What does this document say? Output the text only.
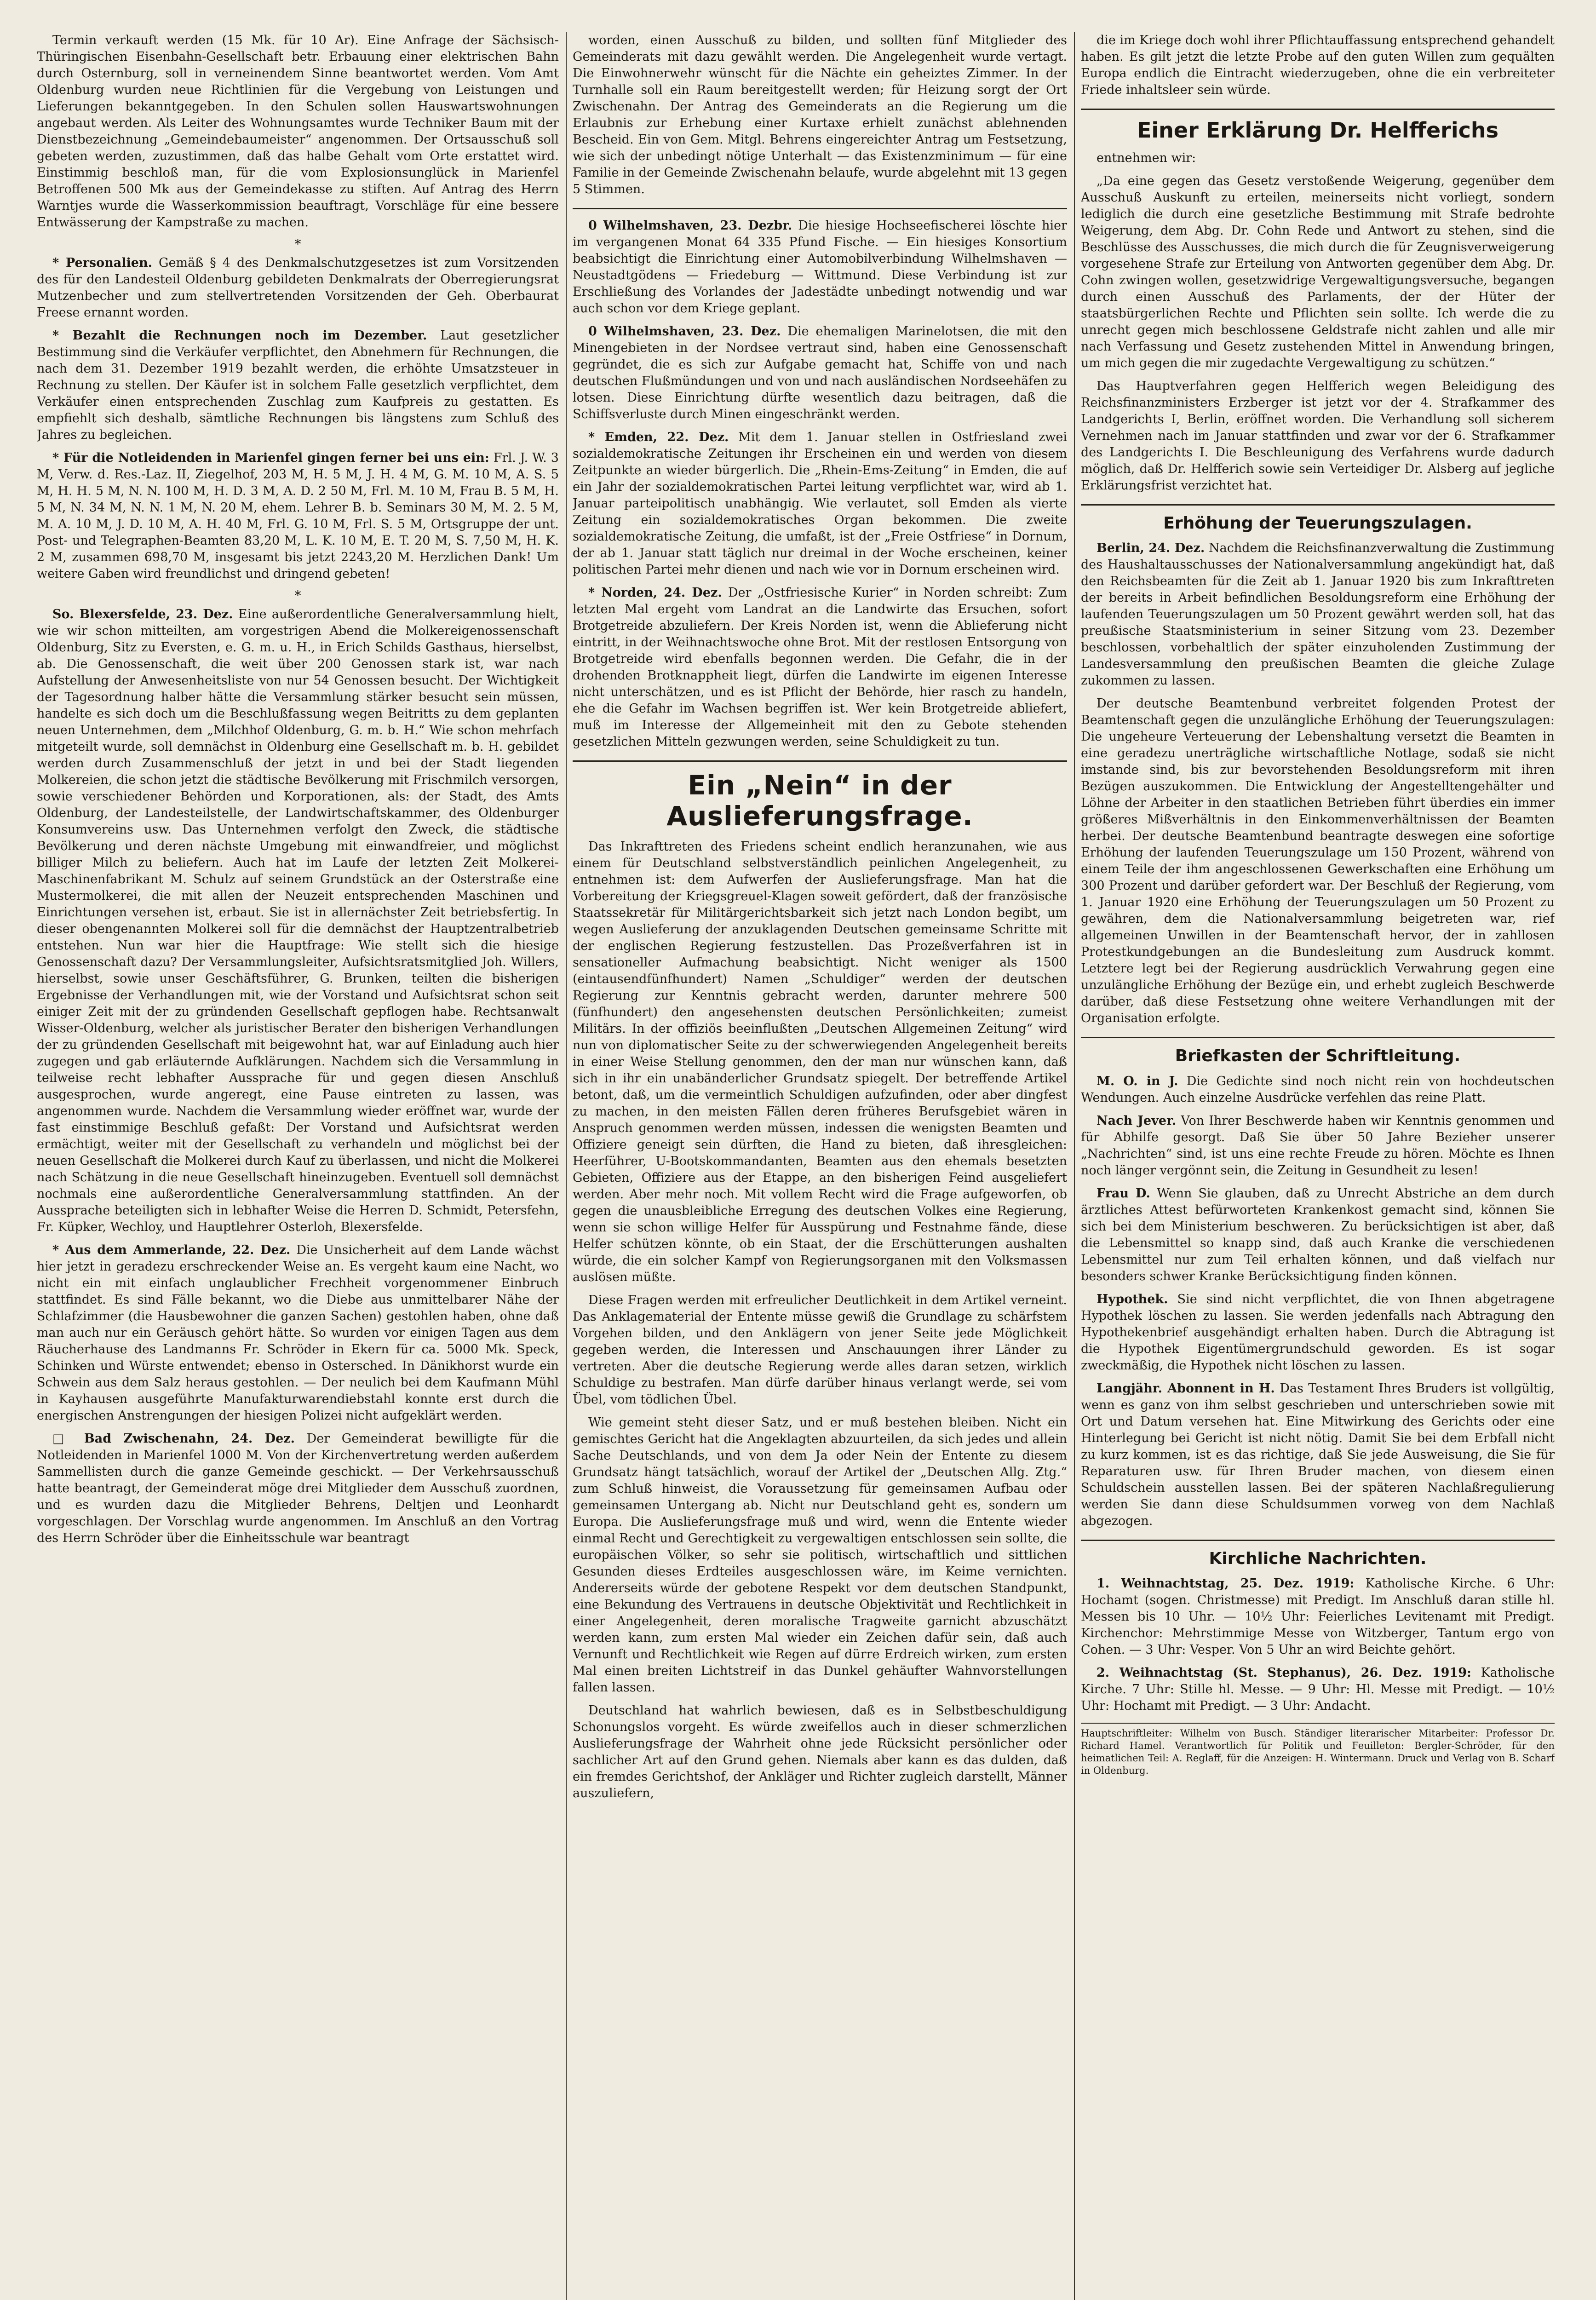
Termin verkauft werden (15 Mk. für 10 Ar). Eine Anfrage der Sächsisch-Thüringischen Eisenbahn-Gesellschaft betr. Erbauung einer elektrischen Bahn durch Osternburg, soll in verneinendem Sinne beantwortet werden. Vom Amt Oldenburg wurden neue Richtlinien für die Vergebung von Leistungen und Lieferungen bekanntgegeben. In den Schulen sollen Hauswartswohnungen angebaut werden. Als Leiter des Wohnungsamtes wurde Techniker Baum mit der Dienstbezeichnung „Gemeindebaumeister“ angenommen. Der Ortsausschuß soll gebeten werden, zuzustimmen, daß das halbe Gehalt vom Orte erstattet wird. Einstimmig beschloß man, für die vom Explosionsunglück in Marienfel Betroffenen 500 Mk aus der Gemeindekasse zu stiften. Auf Antrag des Herrn Warntjes wurde die Wasserkommission beauftragt, Vorschläge für eine bessere Entwässerung der Kampstraße zu machen.

*

* Personalien. Gemäß § 4 des Denkmalschutzgesetzes ist zum Vorsitzenden des für den Landesteil Oldenburg gebildeten Denkmalrats der Oberregierungsrat Mutzenbecher und zum stellvertretenden Vorsitzenden der Geh. Oberbaurat Freese ernannt worden.

* Bezahlt die Rechnungen noch im Dezember. Laut gesetzlicher Bestimmung sind die Verkäufer verpflichtet, den Abnehmern für Rechnungen, die nach dem 31. Dezember 1919 bezahlt werden, die erhöhte Umsatzsteuer in Rechnung zu stellen. Der Käufer ist in solchem Falle gesetzlich verpflichtet, dem Verkäufer einen entsprechenden Zuschlag zum Kaufpreis zu gestatten. Es empfiehlt sich deshalb, sämtliche Rechnungen bis längstens zum Schluß des Jahres zu begleichen.

* Für die Notleidenden in Marienfel gingen ferner bei uns ein: Frl. J. W. 3 M, Verw. d. Res.-Laz. II, Ziegelhof, 203 M, H. 5 M, J. H. 4 M, G. M. 10 M, A. S. 5 M, H. H. 5 M, N. N. 100 M, H. D. 3 M, A. D. 2 50 M, Frl. M. 10 M, Frau B. 5 M, H. 5 M, N. 34 M, N. N. 1 M, N. 20 M, ehem. Lehrer B. b. Seminars 30 M, M. 2. 5 M, M. A. 10 M, J. D. 10 M, A. H. 40 M, Frl. G. 10 M, Frl. S. 5 M, Ortsgruppe der unt. Post- und Telegraphen-Beamten 83,20 M, L. K. 10 M, E. T. 20 M, S. 7,50 M, H. K. 2 M, zusammen 698,70 M, insgesamt bis jetzt 2243,20 M. Herzlichen Dank! Um weitere Gaben wird freundlichst und dringend gebeten!

*

So. Blexersfelde, 23. Dez. Eine außerordentliche Generalversammlung hielt, wie wir schon mitteilten, am vorgestrigen Abend die Molkereigenossenschaft Oldenburg, Sitz zu Eversten, e. G. m. u. H., in Erich Schilds Gasthaus, hierselbst, ab. Die Genossenschaft, die weit über 200 Genossen stark ist, war nach Aufstellung der Anwesenheitsliste von nur 54 Genossen besucht. Der Wichtigkeit der Tagesordnung halber hätte die Versammlung stärker besucht sein müssen, handelte es sich doch um die Beschlußfassung wegen Beitritts zu dem geplanten neuen Unternehmen, dem „Milchhof Oldenburg, G. m. b. H.“ Wie schon mehrfach mitgeteilt wurde, soll demnächst in Oldenburg eine Gesellschaft m. b. H. gebildet werden durch Zusammenschluß der jetzt in und bei der Stadt liegenden Molkereien, die schon jetzt die städtische Bevölkerung mit Frischmilch versorgen, sowie verschiedener Behörden und Korporationen, als: der Stadt, des Amts Oldenburg, der Landesteilstelle, der Landwirtschaftskammer, des Oldenburger Konsumvereins usw. Das Unternehmen verfolgt den Zweck, die städtische Bevölkerung und deren nächste Umgebung mit einwandfreier, und möglichst billiger Milch zu beliefern. Auch hat im Laufe der letzten Zeit Molkerei-Maschinenfabrikant M. Schulz auf seinem Grundstück an der Osterstraße eine Mustermolkerei, die mit allen der Neuzeit entsprechenden Maschinen und Einrichtungen versehen ist, erbaut. Sie ist in allernächster Zeit betriebsfertig. In dieser obengenannten Molkerei soll für die demnächst der Hauptzentralbetrieb entstehen. Nun war hier die Hauptfrage: Wie stellt sich die hiesige Genossenschaft dazu? Der Versammlungsleiter, Aufsichtsratsmitglied Joh. Willers, hierselbst, sowie unser Geschäftsführer, G. Brunken, teilten die bisherigen Ergebnisse der Verhandlungen mit, wie der Vorstand und Aufsichtsrat schon seit einiger Zeit mit der zu gründenden Gesellschaft gepflogen habe. Rechtsanwalt Wisser-Oldenburg, welcher als juristischer Berater den bisherigen Verhandlungen der zu gründenden Gesellschaft mit beigewohnt hat, war auf Einladung auch hier zugegen und gab erläuternde Aufklärungen. Nachdem sich die Versammlung in teilweise recht lebhafter Aussprache für und gegen diesen Anschluß ausgesprochen, wurde angeregt, eine Pause eintreten zu lassen, was angenommen wurde. Nachdem die Versammlung wieder eröffnet war, wurde der fast einstimmige Beschluß gefaßt: Der Vorstand und Aufsichtsrat werden ermächtigt, weiter mit der Gesellschaft zu verhandeln und möglichst bei der neuen Gesellschaft die Molkerei durch Kauf zu überlassen, und nicht die Molkerei nach Schätzung in die neue Gesellschaft hineinzugeben. Eventuell soll demnächst nochmals eine außerordentliche Generalversammlung stattfinden. An der Aussprache beteiligten sich in lebhafter Weise die Herren D. Schmidt, Petersfehn, Fr. Küpker, Wechloy, und Hauptlehrer Osterloh, Blexersfelde.

* Aus dem Ammerlande, 22. Dez. Die Unsicherheit auf dem Lande wächst hier jetzt in geradezu erschreckender Weise an. Es vergeht kaum eine Nacht, wo nicht ein mit einfach unglaublicher Frechheit vorgenommener Einbruch stattfindet. Es sind Fälle bekannt, wo die Diebe aus unmittelbarer Nähe der Schlafzimmer (die Hausbewohner die ganzen Sachen) gestohlen haben, ohne daß man auch nur ein Geräusch gehört hätte. So wurden vor einigen Tagen aus dem Räucherhause des Landmanns Fr. Schröder in Ekern für ca. 5000 Mk. Speck, Schinken und Würste entwendet; ebenso in Ostersched. In Dänikhorst wurde ein Schwein aus dem Salz heraus gestohlen. — Der neulich bei dem Kaufmann Mühl in Kayhausen ausgeführte Manufakturwarendiebstahl konnte erst durch die energischen Anstrengungen der hiesigen Polizei nicht aufgeklärt werden.

□ Bad Zwischenahn, 24. Dez. Der Gemeinderat bewilligte für die Notleidenden in Marienfel 1000 M. Von der Kirchenvertretung werden außerdem Sammellisten durch die ganze Gemeinde geschickt. — Der Verkehrsausschuß hatte beantragt, der Gemeinderat möge drei Mitglieder dem Ausschuß zuordnen, und es wurden dazu die Mitglieder Behrens, Deltjen und Leonhardt vorgeschlagen. Der Vorschlag wurde angenommen. Im Anschluß an den Vortrag des Herrn Schröder über die Einheitsschule war beantragt

worden, einen Ausschuß zu bilden, und sollten fünf Mitglieder des Gemeinderats mit dazu gewählt werden. Die Angelegenheit wurde vertagt. Die Einwohnerwehr wünscht für die Nächte ein geheiztes Zimmer. In der Turnhalle soll ein Raum bereitgestellt werden; für Heizung sorgt der Ort Zwischenahn. Der Antrag des Gemeinderats an die Regierung um die Erlaubnis zur Erhebung einer Kurtaxe erhielt zunächst ablehnenden Bescheid. Ein von Gem. Mitgl. Behrens eingereichter Antrag um Festsetzung, wie sich der unbedingt nötige Unterhalt — das Existenzminimum — für eine Familie in der Gemeinde Zwischenahn belaufe, wurde abgelehnt mit 13 gegen 5 Stimmen.

0 Wilhelmshaven, 23. Dezbr. Die hiesige Hochseefischerei löschte hier im vergangenen Monat 64 335 Pfund Fische. — Ein hiesiges Konsortium beabsichtigt die Einrichtung einer Automobilverbindung Wilhelmshaven — Neustadtgödens — Friedeburg — Wittmund. Diese Verbindung ist zur Erschließung des Vorlandes der Jadestädte unbedingt notwendig und war auch schon vor dem Kriege geplant.

0 Wilhelmshaven, 23. Dez. Die ehemaligen Marinelotsen, die mit den Minengebieten in der Nordsee vertraut sind, haben eine Genossenschaft gegründet, die es sich zur Aufgabe gemacht hat, Schiffe von und nach deutschen Flußmündungen und von und nach ausländischen Nordseehäfen zu lotsen. Diese Einrichtung dürfte wesentlich dazu beitragen, daß die Schiffsverluste durch Minen eingeschränkt werden.

* Emden, 22. Dez. Mit dem 1. Januar stellen in Ostfriesland zwei sozialdemokratische Zeitungen ihr Erscheinen ein und werden von diesem Zeitpunkte an wieder bürgerlich. Die „Rhein-Ems-Zeitung“ in Emden, die auf ein Jahr der sozialdemokratischen Partei leitung verpflichtet war, wird ab 1. Januar parteipolitisch unabhängig. Wie verlautet, soll Emden als vierte Zeitung ein sozialdemokratisches Organ bekommen. Die zweite sozialdemokratische Zeitung, die umfaßt, ist der „Freie Ostfriese“ in Dornum, der ab 1. Januar statt täglich nur dreimal in der Woche erscheinen, keiner politischen Partei mehr dienen und nach wie vor in Dornum erscheinen wird.

* Norden, 24. Dez. Der „Ostfriesische Kurier“ in Norden schreibt: Zum letzten Mal ergeht vom Landrat an die Landwirte das Ersuchen, sofort Brotgetreide abzuliefern. Der Kreis Norden ist, wenn die Ablieferung nicht eintritt, in der Weihnachtswoche ohne Brot. Mit der restlosen Entsorgung von Brotgetreide wird ebenfalls begonnen werden. Die Gefahr, die in der drohenden Brotknappheit liegt, dürfen die Landwirte im eigenen Interesse nicht unterschätzen, und es ist Pflicht der Behörde, hier rasch zu handeln, ehe die Gefahr im Wachsen begriffen ist. Wer kein Brotgetreide abliefert, muß im Interesse der Allgemeinheit mit den zu Gebote stehenden gesetzlichen Mitteln gezwungen werden, seine Schuldigkeit zu tun.

Ein „Nein“ in der Auslieferungsfrage.

Das Inkrafttreten des Friedens scheint endlich heranzunahen, wie aus einem für Deutschland selbstverständlich peinlichen Angelegenheit, zu entnehmen ist: dem Aufwerfen der Auslieferungsfrage. Man hat die Vorbereitung der Kriegsgreuel-Klagen soweit gefördert, daß der französische Staatssekretär für Militärgerichtsbarkeit sich jetzt nach London begibt, um wegen Auslieferung der anzuklagenden Deutschen gemeinsame Schritte mit der englischen Regierung festzustellen. Das Prozeßverfahren ist in sensationeller Aufmachung beabsichtigt. Nicht weniger als 1500 (eintausendfünfhundert) Namen „Schuldiger“ werden der deutschen Regierung zur Kenntnis gebracht werden, darunter mehrere 500 (fünfhundert) den angesehensten deutschen Persönlichkeiten; zumeist Militärs. In der offiziös beeinflußten „Deutschen Allgemeinen Zeitung“ wird nun von diplomatischer Seite zu der schwerwiegenden Angelegenheit bereits in einer Weise Stellung genommen, den der man nur wünschen kann, daß sich in ihr ein unabänderlicher Grundsatz spiegelt. Der betreffende Artikel betont, daß, um die vermeintlich Schuldigen aufzufinden, oder aber dingfest zu machen, in den meisten Fällen deren früheres Berufsgebiet wären in Anspruch genommen werden müssen, indessen die wenigsten Beamten und Offiziere geneigt sein dürften, die Hand zu bieten, daß ihresgleichen: Heerführer, U-Bootskommandanten, Beamten aus den ehemals besetzten Gebieten, Offiziere aus der Etappe, an den bisherigen Feind ausgeliefert werden. Aber mehr noch. Mit vollem Recht wird die Frage aufgeworfen, ob gegen die unausbleibliche Erregung des deutschen Volkes eine Regierung, wenn sie schon willige Helfer für Ausspürung und Festnahme fände, diese Helfer schützen könnte, ob ein Staat, der die Erschütterungen aushalten würde, die ein solcher Kampf von Regierungsorganen mit den Volksmassen auslösen müßte.

Diese Fragen werden mit erfreulicher Deutlichkeit in dem Artikel verneint. Das Anklagematerial der Entente müsse gewiß die Grundlage zu schärfstem Vorgehen bilden, und den Anklägern von jener Seite jede Möglichkeit gegeben werden, die Interessen und Anschauungen ihrer Länder zu vertreten. Aber die deutsche Regierung werde alles daran setzen, wirklich Schuldige zu bestrafen. Man dürfe darüber hinaus verlangt werde, sei vom Übel, vom tödlichen Übel.

Wie gemeint steht dieser Satz, und er muß bestehen bleiben. Nicht ein gemischtes Gericht hat die Angeklagten abzuurteilen, da sich jedes und allein Sache Deutschlands, und von dem Ja oder Nein der Entente zu diesem Grundsatz hängt tatsächlich, worauf der Artikel der „Deutschen Allg. Ztg.“ zum Schluß hinweist, die Voraussetzung für gemeinsamen Aufbau oder gemeinsamen Untergang ab. Nicht nur Deutschland geht es, sondern um Europa. Die Auslieferungsfrage muß und wird, wenn die Entente wieder einmal Recht und Gerechtigkeit zu vergewaltigen entschlossen sein sollte, die europäischen Völker, so sehr sie politisch, wirtschaftlich und sittlichen Gesunden dieses Erdteiles ausgeschlossen wäre, im Keime vernichten. Andererseits würde der gebotene Respekt vor dem deutschen Standpunkt, eine Bekundung des Vertrauens in deutsche Objektivität und Rechtlichkeit in einer Angelegenheit, deren moralische Tragweite garnicht abzuschätzt werden kann, zum ersten Mal wieder ein Zeichen dafür sein, daß auch Vernunft und Rechtlichkeit wie Regen auf dürre Erdreich wirken, zum ersten Mal einen breiten Lichtstreif in das Dunkel gehäufter Wahnvorstellungen fallen lassen.

Deutschland hat wahrlich bewiesen, daß es in Selbstbeschuldigung Schonungslos vorgeht. Es würde zweifellos auch in dieser schmerzlichen Auslieferungsfrage der Wahrheit ohne jede Rücksicht persönlicher oder sachlicher Art auf den Grund gehen. Niemals aber kann es das dulden, daß ein fremdes Gerichtshof, der Ankläger und Richter zugleich darstellt, Männer auszuliefern,

die im Kriege doch wohl ihrer Pflichtauffassung entsprechend gehandelt haben. Es gilt jetzt die letzte Probe auf den guten Willen zum gequälten Europa endlich die Eintracht wiederzugeben, ohne die ein verbreiteter Friede inhaltsleer sein würde.

Einer Erklärung Dr. Helfferichs

entnehmen wir:

„Da eine gegen das Gesetz verstoßende Weigerung, gegenüber dem Ausschuß Auskunft zu erteilen, meinerseits nicht vorliegt, sondern lediglich die durch eine gesetzliche Bestimmung mit Strafe bedrohte Weigerung, dem Abg. Dr. Cohn Rede und Antwort zu stehen, sind die Beschlüsse des Ausschusses, die mich durch die für Zeugnisverweigerung vorgesehene Strafe zur Erteilung von Antworten gegenüber dem Abg. Dr. Cohn zwingen wollen, gesetzwidrige Vergewaltigungsversuche, begangen durch einen Ausschuß des Parlaments, der der Hüter der staatsbürgerlichen Rechte und Pflichten sein sollte. Ich werde die zu unrecht gegen mich beschlossene Geldstrafe nicht zahlen und alle mir nach Verfassung und Gesetz zustehenden Mittel in Anwendung bringen, um mich gegen die mir zugedachte Vergewaltigung zu schützen.“

Das Hauptverfahren gegen Helfferich wegen Beleidigung des Reichsfinanzministers Erzberger ist jetzt vor der 4. Strafkammer des Landgerichts I, Berlin, eröffnet worden. Die Verhandlung soll sicherem Vernehmen nach im Januar stattfinden und zwar vor der 6. Strafkammer des Landgerichts I. Die Beschleunigung des Verfahrens wurde dadurch möglich, daß Dr. Helfferich sowie sein Verteidiger Dr. Alsberg auf jegliche Erklärungsfrist verzichtet hat.

Erhöhung der Teuerungszulagen.

Berlin, 24. Dez. Nachdem die Reichsfinanzverwaltung die Zustimmung des Haushaltausschusses der Nationalversammlung angekündigt hat, daß den Reichsbeamten für die Zeit ab 1. Januar 1920 bis zum Inkrafttreten der bereits in Arbeit befindlichen Besoldungsreform eine Erhöhung der laufenden Teuerungszulagen um 50 Prozent gewährt werden soll, hat das preußische Staatsministerium in seiner Sitzung vom 23. Dezember beschlossen, vorbehaltlich der später einzuholenden Zustimmung der Landesversammlung den preußischen Beamten die gleiche Zulage zukommen zu lassen.

Der deutsche Beamtenbund verbreitet folgenden Protest der Beamtenschaft gegen die unzulängliche Erhöhung der Teuerungszulagen: Die ungeheure Verteuerung der Lebenshaltung versetzt die Beamten in eine geradezu unerträgliche wirtschaftliche Notlage, sodaß sie nicht imstande sind, bis zur bevorstehenden Besoldungsreform mit ihren Bezügen auszukommen. Die Entwicklung der Angestelltengehälter und Löhne der Arbeiter in den staatlichen Betrieben führt überdies ein immer größeres Mißverhältnis in den Einkommenverhältnissen der Beamten herbei. Der deutsche Beamtenbund beantragte deswegen eine sofortige Erhöhung der laufenden Teuerungszulage um 150 Prozent, während von einem Teile der ihm angeschlossenen Gewerkschaften eine Erhöhung um 300 Prozent und darüber gefordert war. Der Beschluß der Regierung, vom 1. Januar 1920 eine Erhöhung der Teuerungszulagen um 50 Prozent zu gewähren, dem die Nationalversammlung beigetreten war, rief allgemeinen Unwillen in der Beamtenschaft hervor, der in zahllosen Protestkundgebungen an die Bundesleitung zum Ausdruck kommt. Letztere legt bei der Regierung ausdrücklich Verwahrung gegen eine unzulängliche Erhöhung der Bezüge ein, und erhebt zugleich Beschwerde darüber, daß diese Festsetzung ohne weitere Verhandlungen mit der Organisation erfolgte.

Briefkasten der Schriftleitung.

M. O. in J. Die Gedichte sind noch nicht rein von hochdeutschen Wendungen. Auch einzelne Ausdrücke verfehlen das reine Platt.

Nach Jever. Von Ihrer Beschwerde haben wir Kenntnis genommen und für Abhilfe gesorgt. Daß Sie über 50 Jahre Bezieher unserer „Nachrichten“ sind, ist uns eine rechte Freude zu hören. Möchte es Ihnen noch länger vergönnt sein, die Zeitung in Gesundheit zu lesen!

Frau D. Wenn Sie glauben, daß zu Unrecht Abstriche an dem durch ärztliches Attest befürworteten Krankenkost gemacht sind, können Sie sich bei dem Ministerium beschweren. Zu berücksichtigen ist aber, daß die Lebensmittel so knapp sind, daß auch Kranke die verschiedenen Lebensmittel nur zum Teil erhalten können, und daß vielfach nur besonders schwer Kranke Berücksichtigung finden können.

Hypothek. Sie sind nicht verpflichtet, die von Ihnen abgetragene Hypothek löschen zu lassen. Sie werden jedenfalls nach Abtragung den Hypothekenbrief ausgehändigt erhalten haben. Durch die Abtragung ist die Hypothek Eigentümergrundschuld geworden. Es ist sogar zweckmäßig, die Hypothek nicht löschen zu lassen.

Langjähr. Abonnent in H. Das Testament Ihres Bruders ist vollgültig, wenn es ganz von ihm selbst geschrieben und unterschrieben sowie mit Ort und Datum versehen hat. Eine Mitwirkung des Gerichts oder eine Hinterlegung bei Gericht ist nicht nötig. Damit Sie bei dem Erbfall nicht zu kurz kommen, ist es das richtige, daß Sie jede Ausweisung, die Sie für Reparaturen usw. für Ihren Bruder machen, von diesem einen Schuldschein ausstellen lassen. Bei der späteren Nachlaßregulierung werden Sie dann diese Schuldsummen vorweg von dem Nachlaß abgezogen.

Kirchliche Nachrichten.

1. Weihnachtstag, 25. Dez. 1919: Katholische Kirche. 6 Uhr: Hochamt (sogen. Christmesse) mit Predigt. Im Anschluß daran stille hl. Messen bis 10 Uhr. — 10½ Uhr: Feierliches Levitenamt mit Predigt. Kirchenchor: Mehrstimmige Messe von Witzberger, Tantum ergo von Cohen. — 3 Uhr: Vesper. Von 5 Uhr an wird Beichte gehört.

2. Weihnachtstag (St. Stephanus), 26. Dez. 1919: Katholische Kirche. 7 Uhr: Stille hl. Messe. — 9 Uhr: Hl. Messe mit Predigt. — 10½ Uhr: Hochamt mit Predigt. — 3 Uhr: Andacht.

Hauptschriftleiter: Wilhelm von Busch. Ständiger literarischer Mitarbeiter: Professor Dr. Richard Hamel. Verantwortlich für Politik und Feuilleton: Bergler-Schröder, für den heimatlichen Teil: A. Reglaff, für die Anzeigen: H. Wintermann. Druck und Verlag von B. Scharf in Oldenburg.
